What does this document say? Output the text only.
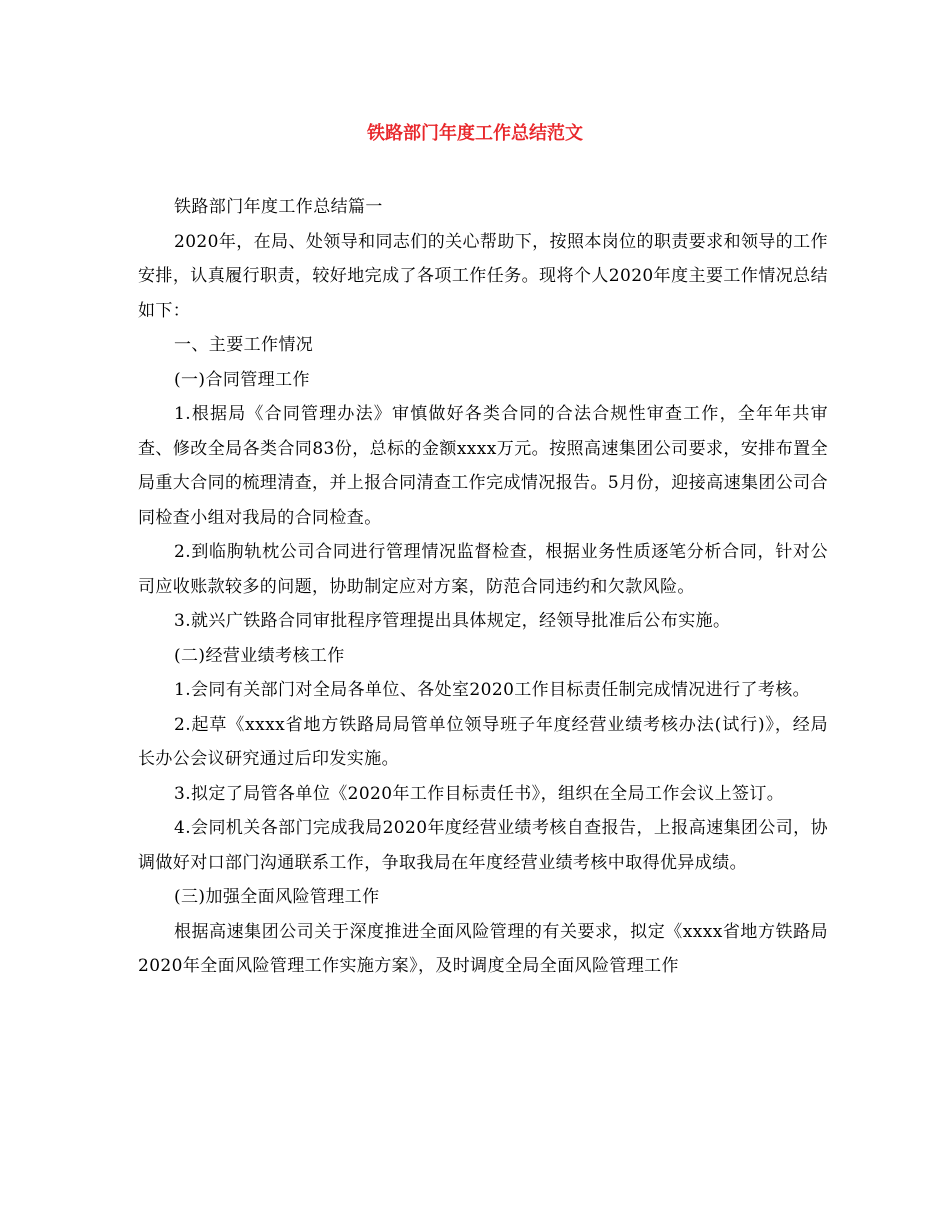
铁路部门年度工作总结范文

铁路部门年度工作总结篇一

2020年，在局、处领导和同志们的关心帮助下，按照本岗位的职责要求和领导的工作安排，认真履行职责，较好地完成了各项工作任务。现将个人2020年度主要工作情况总结如下：

一、主要工作情况

(一)合同管理工作

1.根据局《合同管理办法》审慎做好各类合同的合法合规性审查工作，全年年共审查、修改全局各类合同83份，总标的金额xxxx万元。按照高速集团公司要求，安排布置全局重大合同的梳理清查，并上报合同清查工作完成情况报告。5月份，迎接高速集团公司合同检查小组对我局的合同检查。

2.到临朐轨枕公司合同进行管理情况监督检查，根据业务性质逐笔分析合同，针对公司应收账款较多的问题，协助制定应对方案，防范合同违约和欠款风险。

3.就兴广铁路合同审批程序管理提出具体规定，经领导批准后公布实施。

(二)经营业绩考核工作

1.会同有关部门对全局各单位、各处室2020工作目标责任制完成情况进行了考核。

2.起草《xxxx省地方铁路局局管单位领导班子年度经营业绩考核办法(试行)》，经局长办公会议研究通过后印发实施。

3.拟定了局管各单位《2020年工作目标责任书》，组织在全局工作会议上签订。

4.会同机关各部门完成我局2020年度经营业绩考核自查报告，上报高速集团公司，协调做好对口部门沟通联系工作，争取我局在年度经营业绩考核中取得优异成绩。

(三)加强全面风险管理工作

根据高速集团公司关于深度推进全面风险管理的有关要求，拟定《xxxx省地方铁路局2020年全面风险管理工作实施方案》，及时调度全局全面风险管理工作
